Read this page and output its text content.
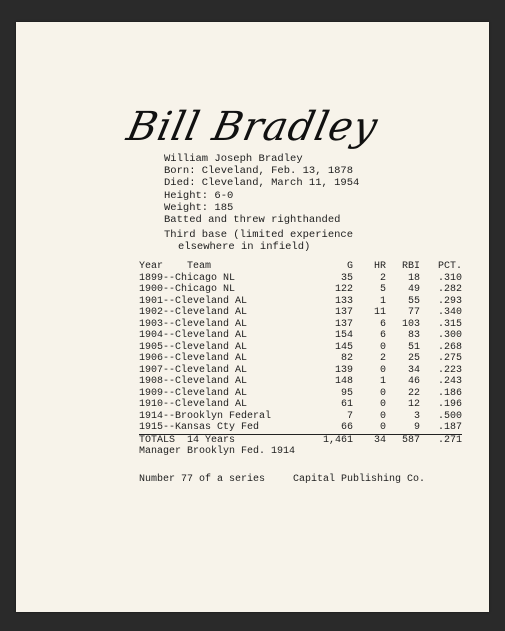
Bill Bradley
William Joseph Bradley
Born: Cleveland, Feb. 13, 1878
Died: Cleveland, March 11, 1954
Height: 6-0
Weight: 185
Batted and threw righthanded
Third base (limited experience
elsewhere in infield)
Year Team	G	HR	RBI	PCT.
1899--Chicago NL	35	2	18	.310
1900--Chicago NL	122	5	49	.282
1901--Cleveland AL	133	1	55	.293
1902--Cleveland AL	137	11	77	.340
1903--Cleveland AL	137	6	103	.315
1904--Cleveland AL	154	6	83	.300
1905--Cleveland AL	145	0	51	.268
1906--Cleveland AL	82	2	25	.275
1907--Cleveland AL	139	0	34	.223
1908--Cleveland AL	148	1	46	.243
1909--Cleveland AL	95	0	22	.186
1910--Cleveland AL	61	0	12	.196
1914--Brooklyn Federal	7	0	3	.500
1915--Kansas Cty Fed	66	0	9	.187
TOTALS  14 Years	1,461	34	587	.271
Manager Brooklyn Fed. 1914
Number 77 of a series	Capital Publishing Co.
